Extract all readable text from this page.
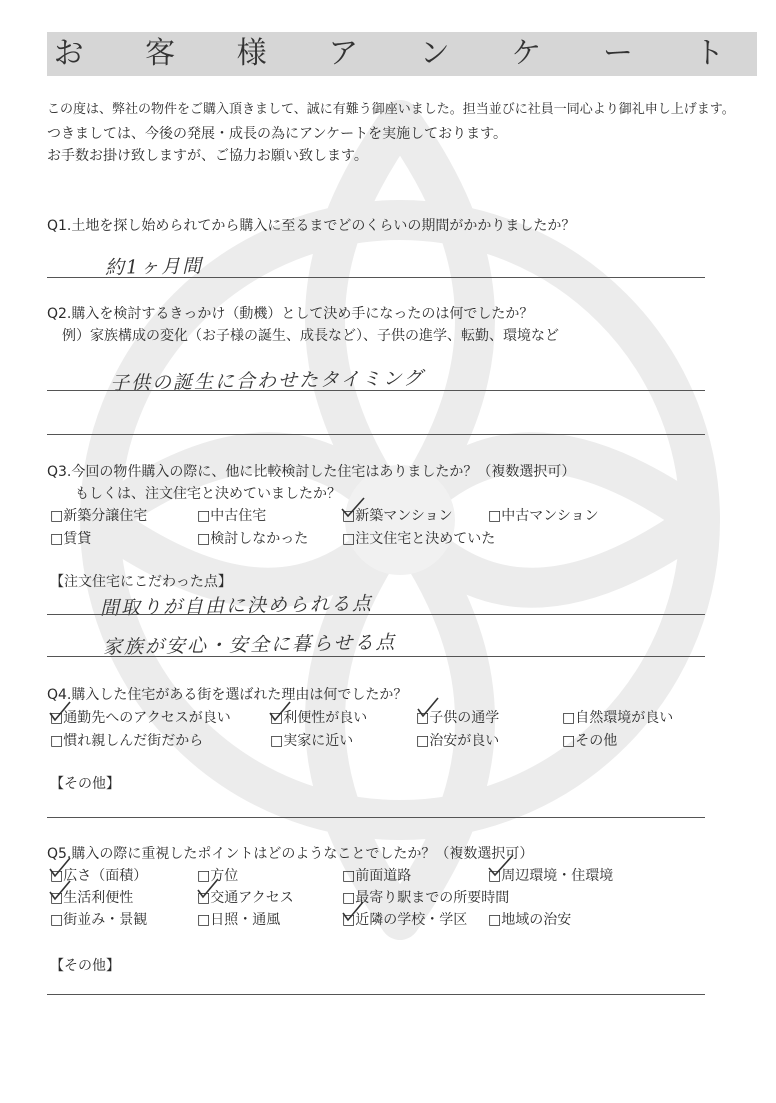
お 客 様 ア ン ケ ー ト
この度は、弊社の物件をご購入頂きまして、誠に有難う御座いました。担当並びに社員一同心より御礼申し上げます。
つきましては、今後の発展・成長の為にアンケートを実施しております。
お手数お掛け致しますが、ご協力お願い致します。
Q1.土地を探し始められてから購入に至るまでどのくらいの期間がかかりましたか？
約1ヶ月間
Q2.購入を検討するきっかけ（動機）として決め手になったのは何でしたか？
例）家族構成の変化（お子様の誕生、成長など）、子供の進学、転勤、環境など
子供の誕生に合わせたタイミング
Q3.今回の物件購入の際に、他に比較検討した住宅はありましたか？（複数選択可）
もしくは、注文住宅と決めていましたか？
□新築分譲住宅	□中古住宅	□新築マンション	□中古マンション
□賃貸	□検討しなかった □注文住宅と決めていた
【注文住宅にこだわった点】
間取りが自由に決められる点
家族が安心・安全に暮らせる点
Q4.購入した住宅がある街を選ばれた理由は何でしたか？
□通勤先へのアクセスが良い	□利便性が良い	□子供の通学	□自然環境が良い
□慣れ親しんだ街だから	□実家に近い	□治安が良い	□その他
【その他】
Q5.購入の際に重視したポイントはどのようなことでしたか？（複数選択可）
□広さ（面積）	□方位	□前面道路	□周辺環境・住環境
□生活利便性	□交通アクセス	□最寄り駅までの所要時間
□街並み・景観	□日照・通風	□近隣の学校・学区 □地域の治安
【その他】
